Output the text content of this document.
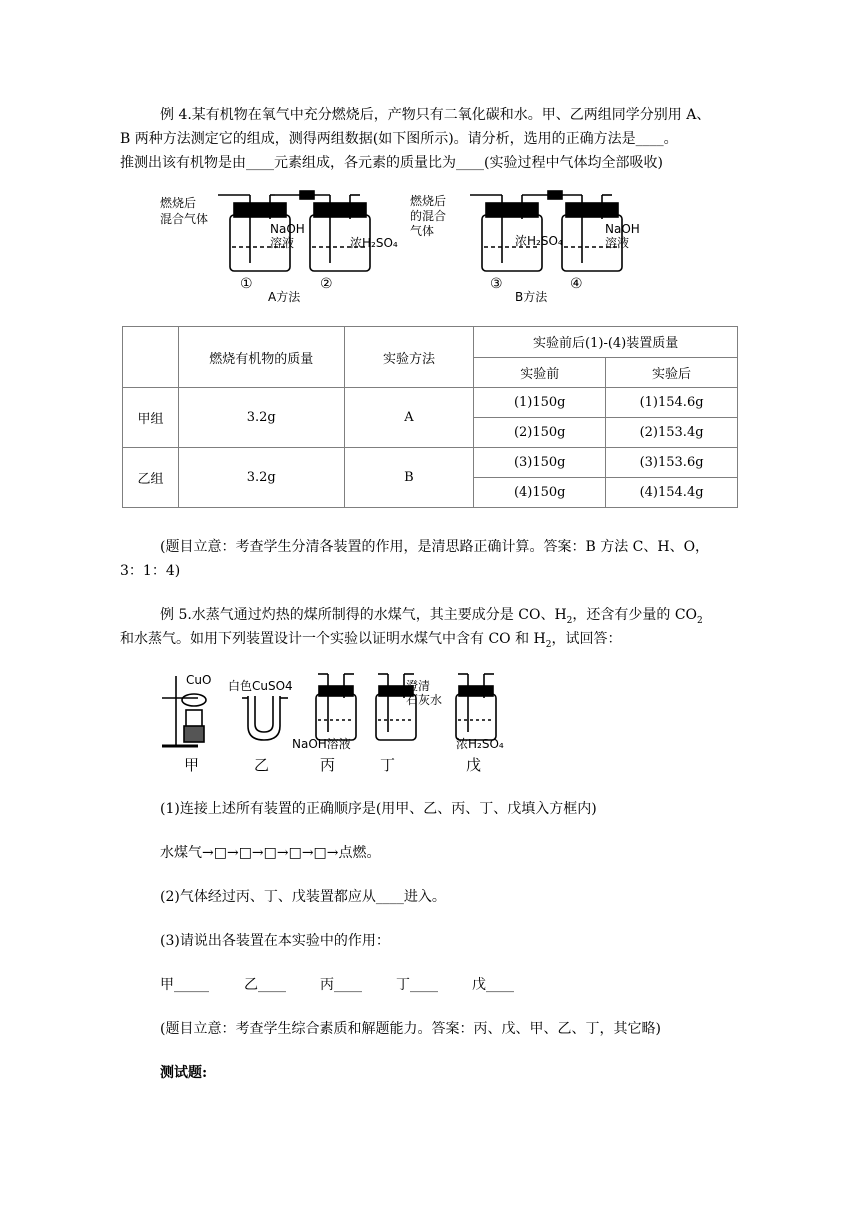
例 4.某有机物在氧气中充分燃烧后，产物只有二氧化碳和水。甲、乙两组同学分别用 A、

B 两种方法测定它的组成，测得两组数据(如下图所示)。请分析，选用的正确方法是____。

推测出该有机物是由____元素组成，各元素的质量比为____(实验过程中气体均全部吸收)

燃烧后
混合气体
NaOH
溶液	浓H₂SO₄
①	②
A方法
燃烧后
的混合
气体
浓H₂SO₄
NaOH
溶液
③	④
B方法
	燃烧有机物的质量	实验方法	实验前后(1)-(4)装置质量	
			实验前	实验后
甲组	3.2g	A	(1)150g	(1)154.6g
			(2)150g	(2)153.4g
乙组	3.2g	B	(3)150g	(3)153.6g
			(4)150g	(4)154.4g

(题目立意：考查学生分清各装置的作用，是清思路正确计算。答案：B 方法 C、H、O，

3：1：4)

例 5.水蒸气通过灼热的煤所制得的水煤气，其主要成分是 CO、$H_2$，还含有少量的 $CO_2$

和水蒸气。如用下列装置设计一个实验以证明水煤气中含有 CO 和 $H_2$，试回答：

CuO 白色CuSO4
NaOH溶液
澄清
石灰水
浓H₂SO₄
甲	乙	丙	丁	戊

(1)连接上述所有装置的正确顺序是(用甲、乙、丙、丁、戊填入方框内)

水煤气→□→□→□→□→□→点燃。

(2)气体经过丙、丁、戊装置都应从____进入。

(3)请说出各装置在本实验中的作用：

甲_____	乙____ 丙____ 丁____ 戊____

(题目立意：考查学生综合素质和解题能力。答案：丙、戊、甲、乙、丁，其它略)

测试题:
